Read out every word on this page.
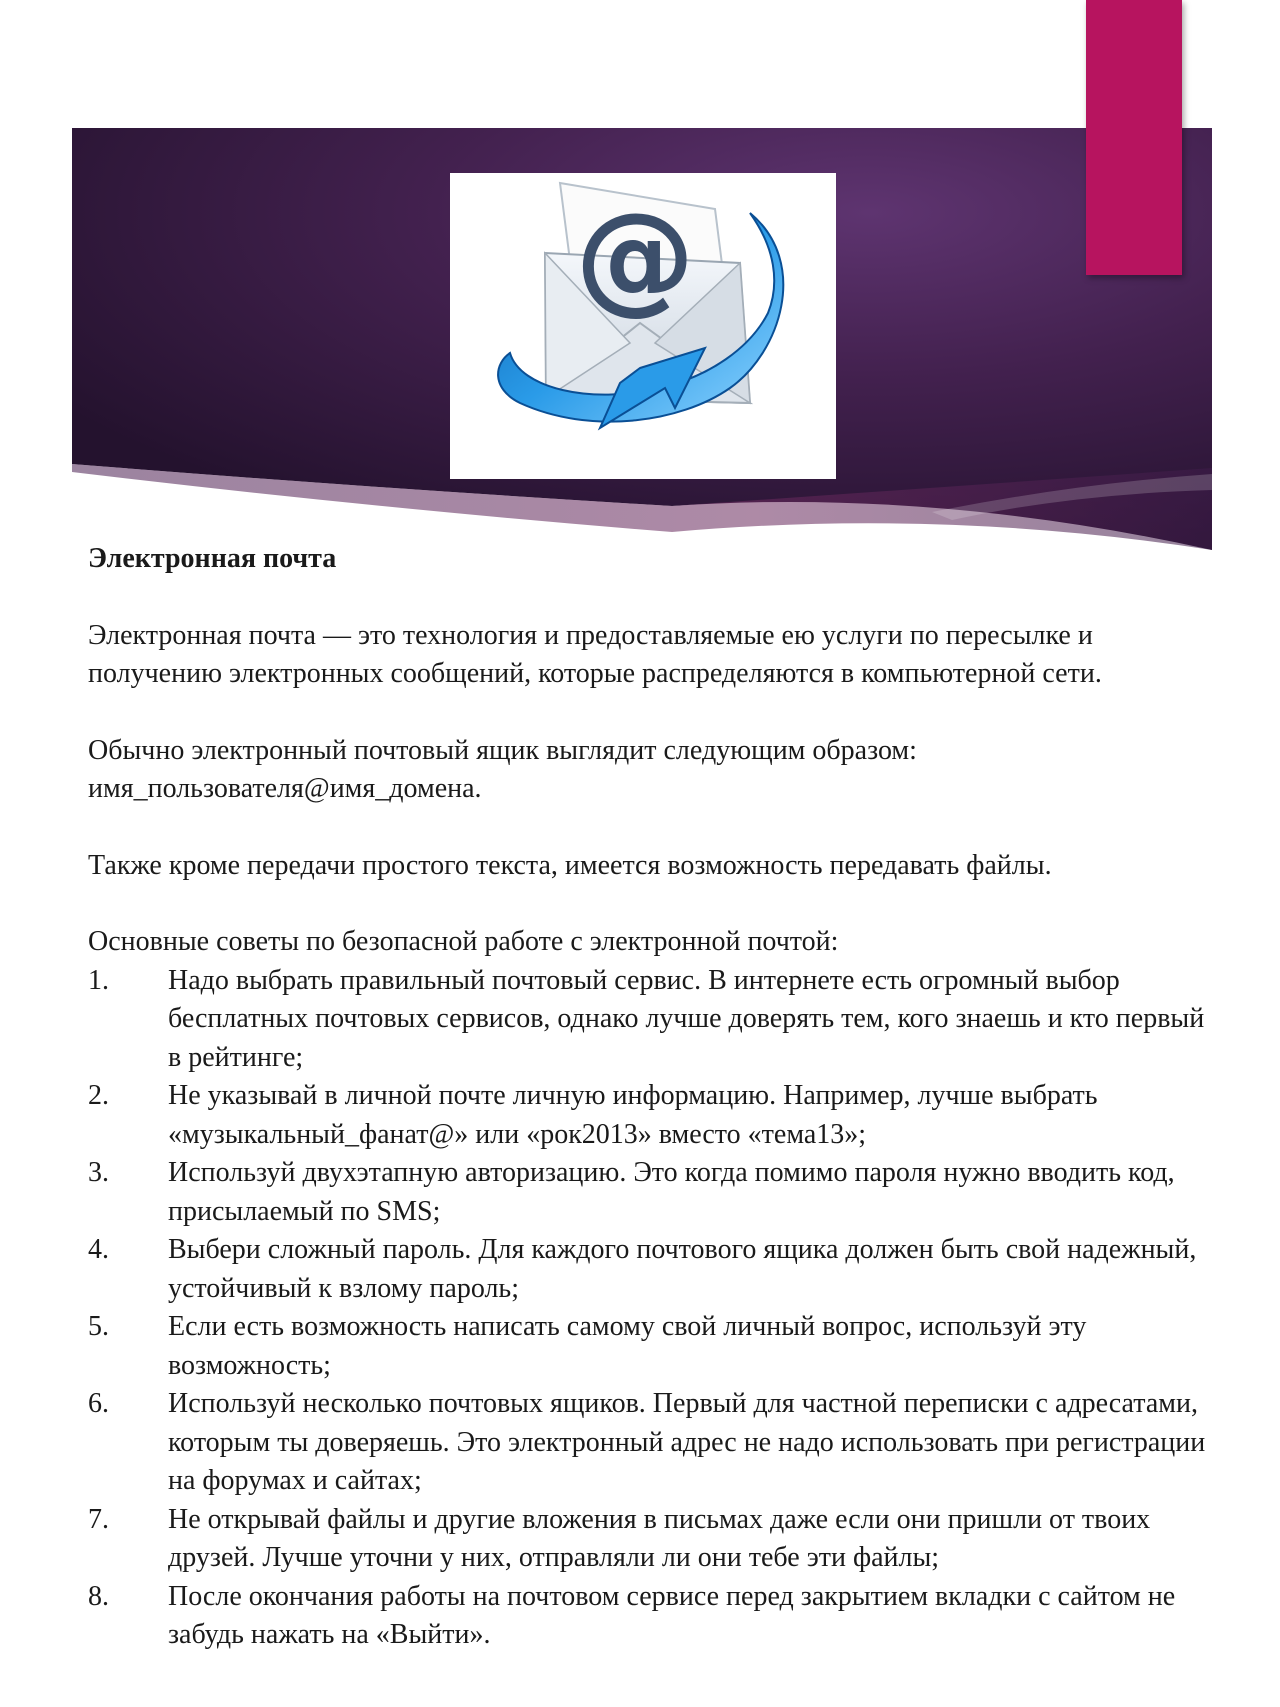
@

Электронная почта

Электронная почта — это технология и предоставляемые ею услуги по пересылке и получению электронных сообщений, которые распределяются в компьютерной сети.

Обычно электронный почтовый ящик выглядит следующим образом: имя_пользователя@имя_домена.

Также кроме передачи простого текста, имеется возможность передавать файлы.

Основные советы по безопасной работе с электронной почтой:

1.	Надо выбрать правильный почтовый сервис. В интернете есть огромный выбор бесплатных почтовых сервисов, однако лучше доверять тем, кого знаешь и кто первый в рейтинге;
2.	Не указывай в личной почте личную информацию. Например, лучше выбрать «музыкальный_фанат@» или «рок2013» вместо «тема13»;
3.	Используй двухэтапную авторизацию. Это когда помимо пароля нужно вводить код, присылаемый по SMS;
4.	Выбери сложный пароль. Для каждого почтового ящика должен быть свой надежный, устойчивый к взлому пароль;
5.	Если есть возможность написать самому свой личный вопрос, используй эту возможность;
6.	Используй несколько почтовых ящиков. Первый для частной переписки с адресатами, которым ты доверяешь. Это электронный адрес не надо использовать при регистрации на форумах и сайтах;
7.	Не открывай файлы и другие вложения в письмах даже если они пришли от твоих друзей. Лучше уточни у них, отправляли ли они тебе эти файлы;
8.	После окончания работы на почтовом сервисе перед закрытием вкладки с сайтом не забудь нажать на «Выйти».
